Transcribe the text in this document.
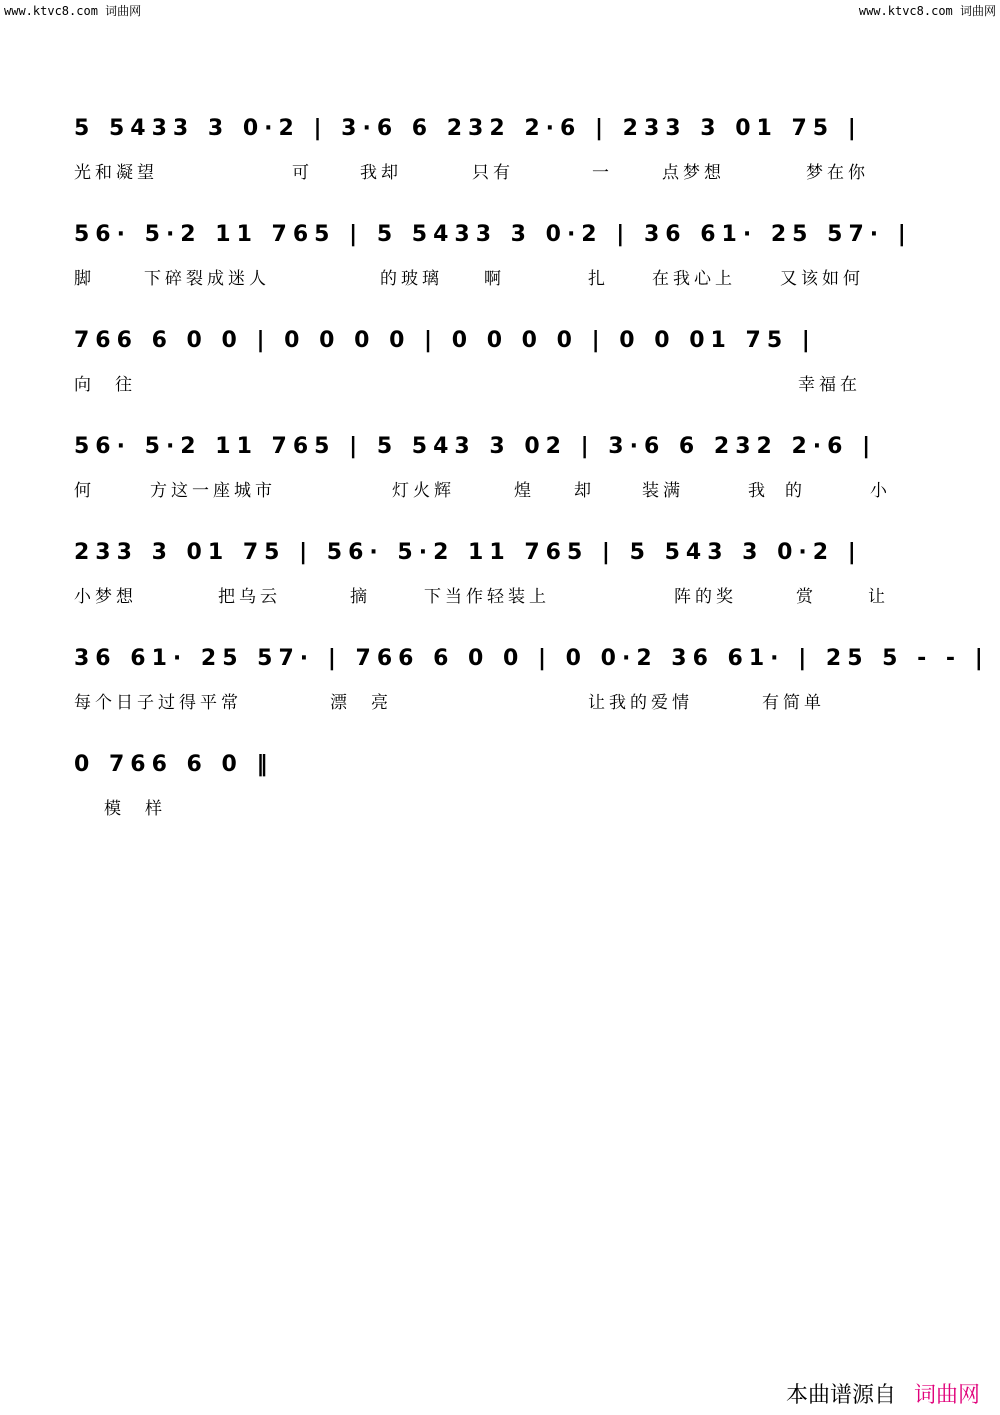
www.ktvc8.com 词曲网	www.ktvc8.com 词曲网
5 5433 3 0·2 | 3·6 6 232 2·6 | 233 3 01 75 |
光和凝望	可	我却	只有	一	点梦想	梦在你
56· 5·2 11 765 | 5 5433 3 0·2 | 36 61· 25 57· |
脚	下碎裂成迷人	的玻璃 啊	扎	在我心上	又该如何
766 6 0 0 | 0 0 0 0 | 0 0 0 0 | 0 0 01 75 |
向往	幸福在
56· 5·2 11 765 | 5 543 3 02 | 3·6 6 232 2·6 |
何	方这一座城市	灯火辉	煌 却	装满	我的	小
233 3 01 75 | 56· 5·2 11 765 | 5 543 3 0·2 |
小梦想	把乌云	摘	下当作轻装上	阵的奖	赏	让
36 61· 25 57· | 766 6 0 0 | 0 0·2 36 61· | 25 5 - - |
每个日子过得平常	漂亮	让我的爱情	有简单
0 766 6 0 ‖
模样
本曲谱源自 词曲网
